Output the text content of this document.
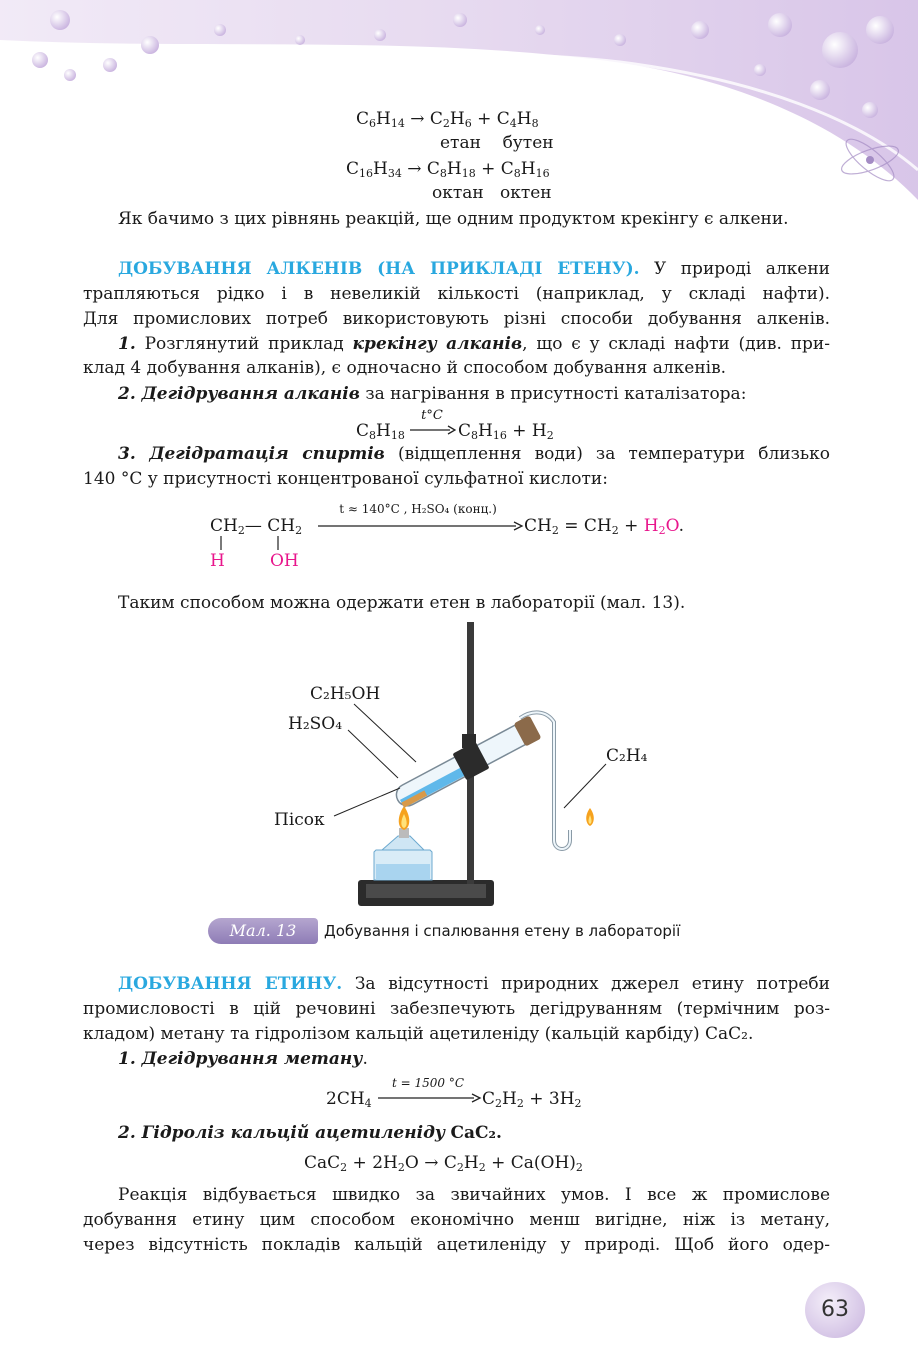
$C_6H_{14} \to C_2H_6 + C_4H_8$
етан бутен
$C_{16}H_{34} \to C_8H_{18} + C_8H_{16}$
октан октен
Як бачимо з цих рівнянь реакцій, ще одним продуктом крекінгу є алкени.
ДОБУВАННЯ АЛКЕНІВ (НА ПРИКЛАДІ ЕТЕНУ). У природі алкени
трапляються рідко і в невеликій кількості (наприклад, у складі нафти).
Для промислових потреб використовують різні способи добування алкенів.
1. Розглянутий приклад крекінгу алканів, що є у складі нафти (див. при-
клад 4 добування алканів), є одночасно й способом добування алкенів.
2. Дегідрування алканів за нагрівання в присутності каталізатора:
$C_8H_{18}$
t°C
→ $C_8H_{16} + H_2$
3. Дегідратація спиртів (відщеплення води) за температури близько
140 °С у присутності концентрованої сульфатної кислоти:
$CH_2—$ $CH_2$
H	OH
t ≈ 140°C , H₂SO₄ (конц.)
$CH_2 = CH_2 + H_2O$.
Таким способом можна одержати етен в лабораторії (мал. 13).
C₂H₅OH
H₂SO₄
C₂H₄
Пісок
Мал. 13	Добування і спалювання етену в лабораторії
ДОБУВАННЯ ЕТИНУ. За відсутності природних джерел етину потреби
промисловості в цій речовині забезпечують дегідруванням (термічним роз-
кладом) метану та гідролізом кальцій ацетиленіду (кальцій карбіду) CaC₂.
1. Дегідрування метану.
$2CH_4$
t = 1500 °C
$C_2H_2 + 3H_2$
2. Гідроліз кальцій ацетиленіду CaC₂.
$CaC_2 + 2H_2O \to C_2H_2 + Ca(OH)_2$
Реакція відбувається швидко за звичайних умов. І все ж промислове
добування етину цим способом економічно менш вигідне, ніж із метану,
через відсутність покладів кальцій ацетиленіду у природі. Щоб його одер-
63
